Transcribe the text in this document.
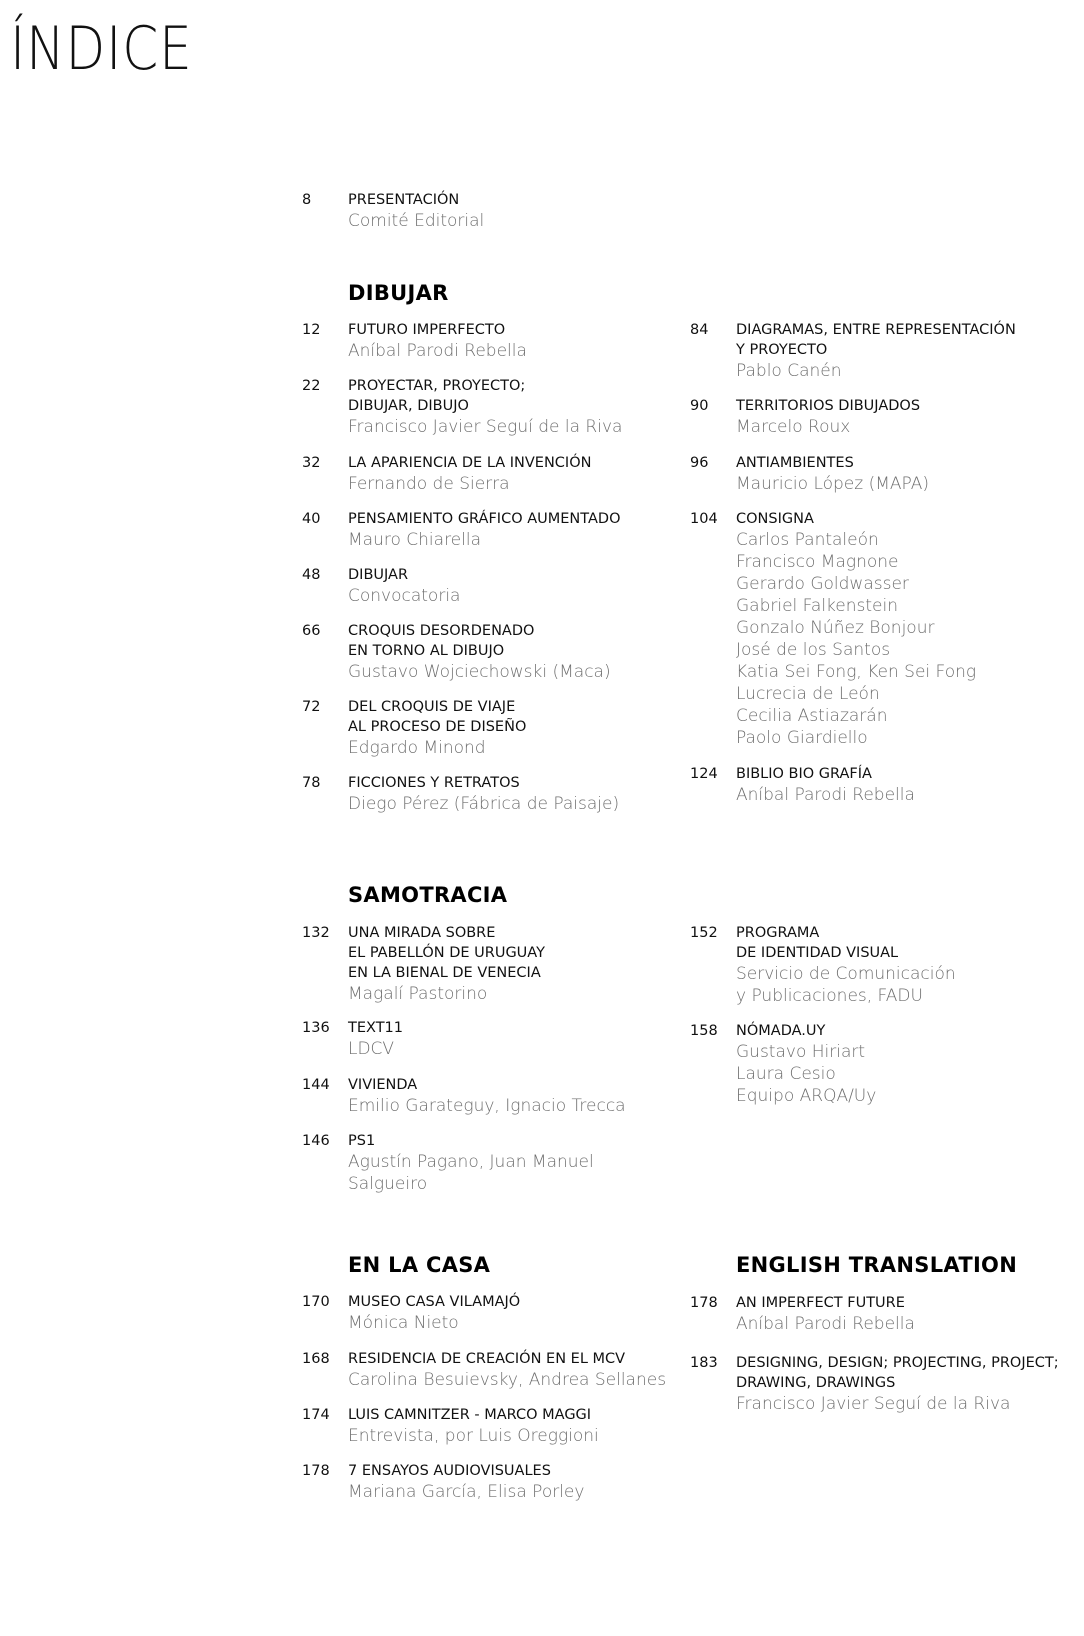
ÍNDICE
8	PRESENTACIÓN
Comité Editorial
DIBUJAR
12 FUTURO IMPERFECTO
Aníbal Parodi Rebella
22 PROYECTAR, PROYECTO;
DIBUJAR, DIBUJO
Francisco Javier Seguí de la Riva
32 LA APARIENCIA DE LA INVENCIÓN
Fernando de Sierra
40 PENSAMIENTO GRÁFICO AUMENTADO
Mauro Chiarella
48 DIBUJAR
Convocatoria
66 CROQUIS DESORDENADO
EN TORNO AL DIBUJO
Gustavo Wojciechowski (Maca)
72 DEL CROQUIS DE VIAJE
AL PROCESO DE DISEÑO
Edgardo Minond
78 FICCIONES Y RETRATOS
Diego Pérez (Fábrica de Paisaje)
84 DIAGRAMAS, ENTRE REPRESENTACIÓN
Y PROYECTO
Pablo Canén
90 TERRITORIOS DIBUJADOS
Marcelo Roux
96 ANTIAMBIENTES
Mauricio López (MAPA)
104 CONSIGNA
Carlos Pantaleón
Francisco Magnone
Gerardo Goldwasser
Gabriel Falkenstein
Gonzalo Núñez Bonjour
José de los Santos
Katia Sei Fong, Ken Sei Fong
Lucrecia de León
Cecilia Astiazarán
Paolo Giardiello
124 BIBLIO BIO GRAFÍA
Aníbal Parodi Rebella
SAMOTRACIA
132 UNA MIRADA SOBRE
EL PABELLÓN DE URUGUAY
EN LA BIENAL DE VENECIA
Magalí Pastorino
136 TEXT11
LDCV
144 VIVIENDA
Emilio Garateguy, Ignacio Trecca
146 PS1
Agustín Pagano, Juan Manuel Salgueiro
152 PROGRAMA
DE IDENTIDAD VISUAL
Servicio de Comunicación
y Publicaciones, FADU
158 NÓMADA.UY
Gustavo Hiriart
Laura Cesio
Equipo ARQA/Uy
EN LA CASA
170 MUSEO CASA VILAMAJÓ
Mónica Nieto
168 RESIDENCIA DE CREACIÓN EN EL MCV
Carolina Besuievsky, Andrea Sellanes
174 LUIS CAMNITZER - MARCO MAGGI
Entrevista, por Luis Oreggioni
178 7 ENSAYOS AUDIOVISUALES
Mariana García, Elisa Porley
ENGLISH TRANSLATION
178 AN IMPERFECT FUTURE
Aníbal Parodi Rebella
183 DESIGNING, DESIGN; PROJECTING, PROJECT;
DRAWING, DRAWINGS
Francisco Javier Seguí de la Riva
